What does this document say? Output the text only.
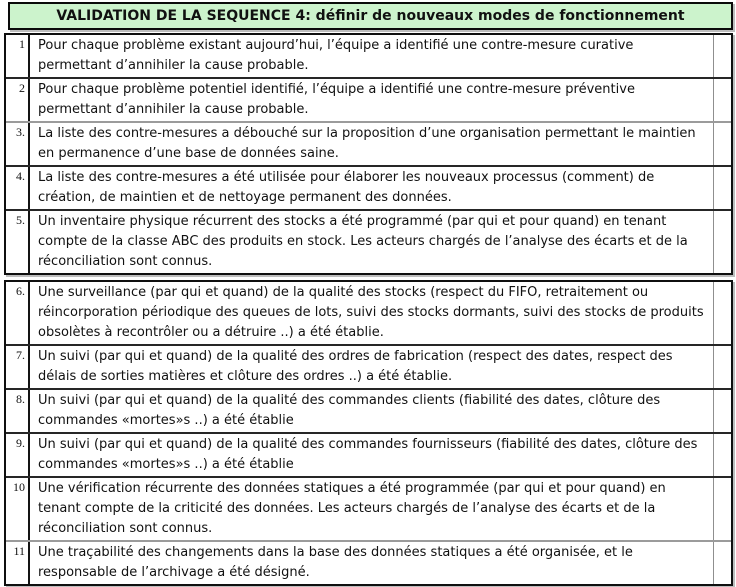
VALIDATION DE LA SEQUENCE 4: définir de nouveaux modes de fonctionnement
1	Pour chaque problème existant aujourd’hui, l’équipe a identifié une contre-mesure curative permettant d’annihiler la cause probable.
2	Pour chaque problème potentiel identifié, l’équipe a identifié une contre-mesure préventive permettant d’annihiler la cause probable.
3.	La liste des contre-mesures a débouché sur la proposition d’une organisation permettant le maintien en permanence d’une base de données saine.
4.	La liste des contre-mesures a été utilisée pour élaborer les nouveaux processus (comment) de création, de maintien et de nettoyage permanent des données.
5.	Un inventaire physique récurrent des stocks a été programmé (par qui et pour quand) en tenant compte de la classe ABC des produits en stock. Les acteurs chargés de l’analyse des écarts et de la réconciliation sont connus.
6.	Une surveillance (par qui et quand) de la qualité des stocks (respect du FIFO, retraitement ou réincorporation périodique des queues de lots, suivi des stocks dormants, suivi des stocks de produits obsolètes à recontrôler ou a détruire ..) a été établie.
7.	Un suivi (par qui et quand) de la qualité des ordres de fabrication (respect des dates, respect des délais de sorties matières et clôture des ordres ..) a été établie.
8.	Un suivi (par qui et quand) de la qualité des commandes clients (fiabilité des dates, clôture des commandes «mortes»s ..) a été établie
9.	Un suivi (par qui et quand) de la qualité des commandes fournisseurs (fiabilité des dates, clôture des commandes «mortes»s ..) a été établie
10	Une vérification récurrente des données statiques a été programmée (par qui et pour quand) en tenant compte de la criticité des données. Les acteurs chargés de l’analyse des écarts et de la réconciliation sont connus.
11	Une traçabilité des changements dans la base des données statiques a été organisée, et le responsable de l’archivage a été désigné.
